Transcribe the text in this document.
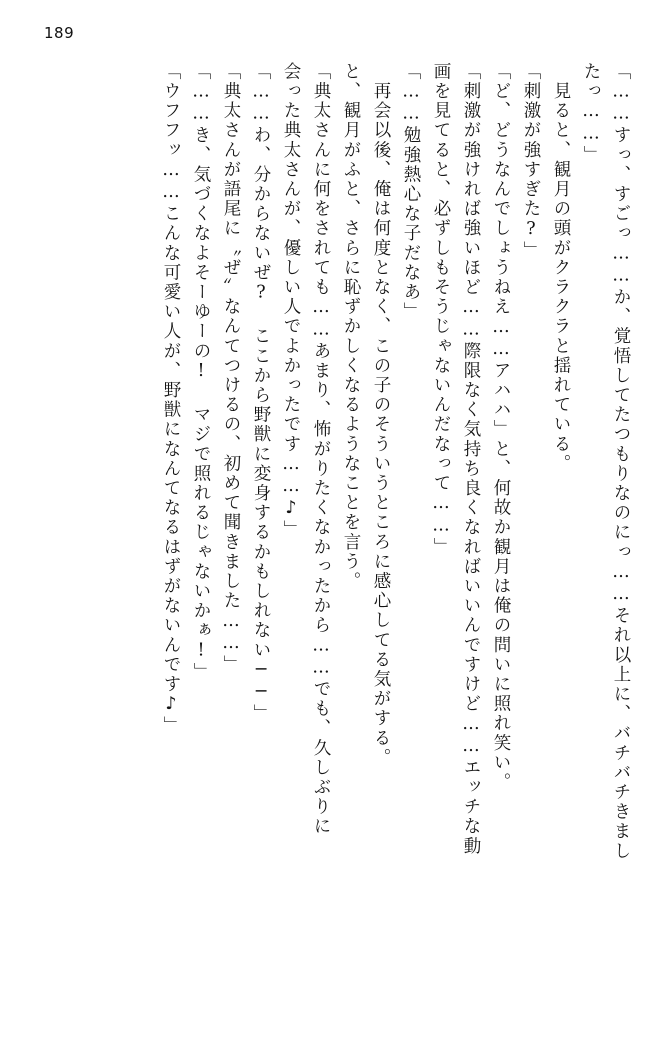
189
「……すっ、すごっ……か、覚悟してたつもりなのにっ……それ以上に、バチバチきまし
たっ……」
　見ると、観月の頭がクラクラと揺れている。
「刺激が強すぎた?」
「ど、どうなんでしょうねえ……アハハ」と、何故か観月は俺の問いに照れ笑い。
「刺激が強ければ強いほど……際限なく気持ち良くなればいいんですけど……エッチな動
画を見てると、必ずしもそうじゃないんだなって……」
「……勉強熱心な子だなあ」
　再会以後、俺は何度となく、この子のそういうところに感心してる気がする。
と、観月がふと、さらに恥ずかしくなるようなことを言う。
「典太さんに何をされても……あまり、怖がりたくなかったから……でも、久しぶりに
会った典太さんが、優しい人でよかったです……♪」
「……わ、分からないぜ? ここから野獣に変身するかもしれない──」
「典太さんが語尾に〝ぜ〟なんてつけるの、初めて聞きました……」
「……き、気づくなよそーゆーの! マジで照れるじゃないかぁ!」
「ウフフッ……こんな可愛い人が、野獣になんてなるはずがないんです♪」
